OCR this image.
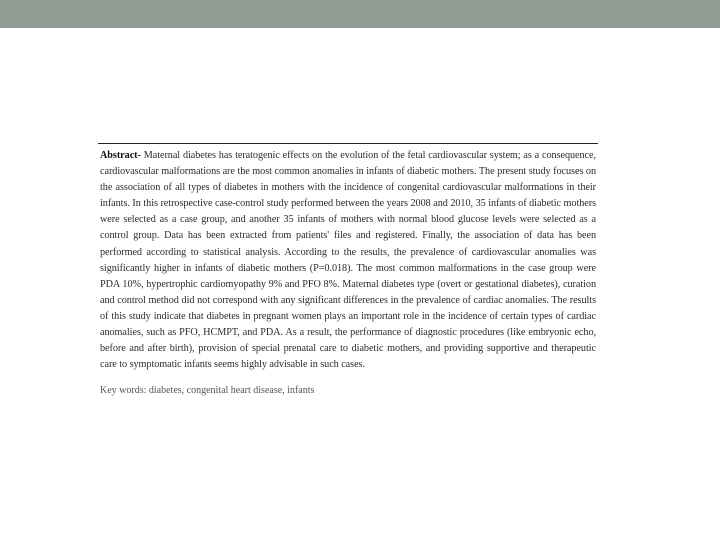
Abstract- Maternal diabetes has teratogenic effects on the evolution of the fetal cardiovascular system; as a consequence, cardiovascular malformations are the most common anomalies in infants of diabetic mothers. The present study focuses on the association of all types of diabetes in mothers with the incidence of congenital cardiovascular malformations in their infants. In this retrospective case-control study performed between the years 2008 and 2010, 35 infants of diabetic mothers were selected as a case group, and another 35 infants of mothers with normal blood glucose levels were selected as a control group. Data has been extracted from patients' files and registered. Finally, the association of data has been performed according to statistical analysis. According to the results, the prevalence of cardiovascular anomalies was significantly higher in infants of diabetic mothers (P=0.018). The most common malformations in the case group were PDA 10%, hypertrophic cardiomyopathy 9% and PFO 8%. Maternal diabetes type (overt or gestational diabetes), curation and control method did not correspond with any significant differences in the prevalence of cardiac anomalies. The results of this study indicate that diabetes in pregnant women plays an important role in the incidence of certain types of cardiac anomalies, such as PFO, HCMPT, and PDA. As a result, the performance of diagnostic procedures (like embryonic echo, before and after birth), provision of special prenatal care to diabetic mothers, and providing supportive and therapeutic care to symptomatic infants seems highly advisable in such cases.

Key words: diabetes, congenital heart disease, infants
